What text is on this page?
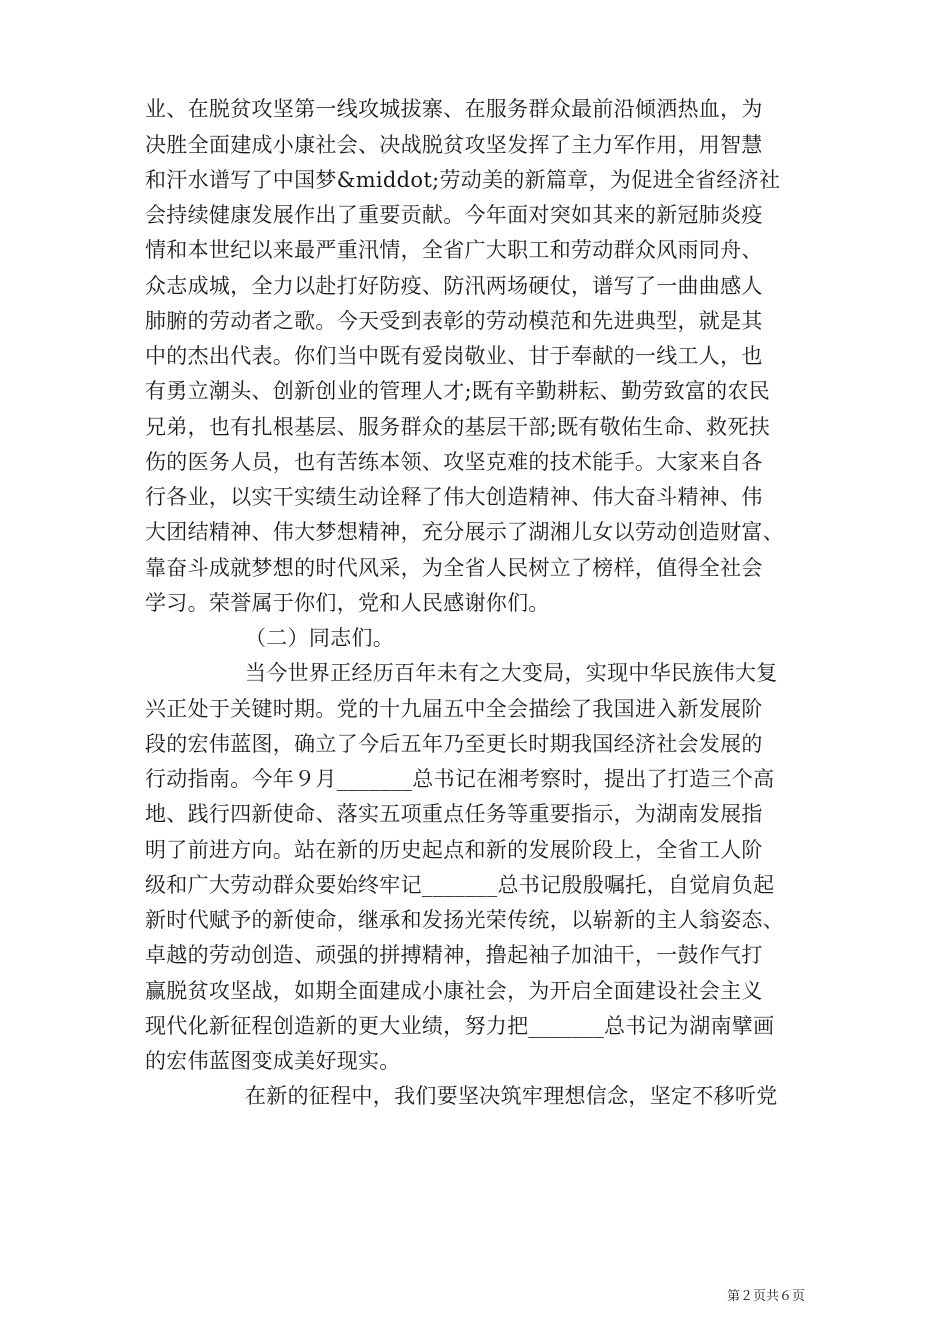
业、在脱贫攻坚第一线攻城拔寨、在服务群众最前沿倾洒热血，为

决胜全面建成小康社会、决战脱贫攻坚发挥了主力军作用，用智慧

和汗水谱写了中国梦&middot;劳动美的新篇章，为促进全省经济社

会持续健康发展作出了重要贡献。今年面对突如其来的新冠肺炎疫

情和本世纪以来最严重汛情，全省广大职工和劳动群众风雨同舟、

众志成城，全力以赴打好防疫、防汛两场硬仗，谱写了一曲曲感人

肺腑的劳动者之歌。今天受到表彰的劳动模范和先进典型，就是其

中的杰出代表。你们当中既有爱岗敬业、甘于奉献的一线工人，也

有勇立潮头、创新创业的管理人才;既有辛勤耕耘、勤劳致富的农民

兄弟，也有扎根基层、服务群众的基层干部;既有敬佑生命、救死扶

伤的医务人员，也有苦练本领、攻坚克难的技术能手。大家来自各

行各业，以实干实绩生动诠释了伟大创造精神、伟大奋斗精神、伟

大团结精神、伟大梦想精神，充分展示了湖湘儿女以劳动创造财富、

靠奋斗成就梦想的时代风采，为全省人民树立了榜样，值得全社会

学习。荣誉属于你们，党和人民感谢你们。

（二）同志们。

当今世界正经历百年未有之大变局，实现中华民族伟大复

兴正处于关键时期。党的十九届五中全会描绘了我国进入新发展阶

段的宏伟蓝图，确立了今后五年乃至更长时期我国经济社会发展的

行动指南。今年９月_______总书记在湘考察时，提出了打造三个高

地、践行四新使命、落实五项重点任务等重要指示，为湖南发展指

明了前进方向。站在新的历史起点和新的发展阶段上，全省工人阶

级和广大劳动群众要始终牢记_______总书记殷殷嘱托，自觉肩负起

新时代赋予的新使命，继承和发扬光荣传统，以崭新的主人翁姿态、

卓越的劳动创造、顽强的拼搏精神，撸起袖子加油干，一鼓作气打

赢脱贫攻坚战，如期全面建成小康社会，为开启全面建设社会主义

现代化新征程创造新的更大业绩，努力把_______总书记为湖南擘画

的宏伟蓝图变成美好现实。

在新的征程中，我们要坚决筑牢理想信念，坚定不移听党

第２页共６页
